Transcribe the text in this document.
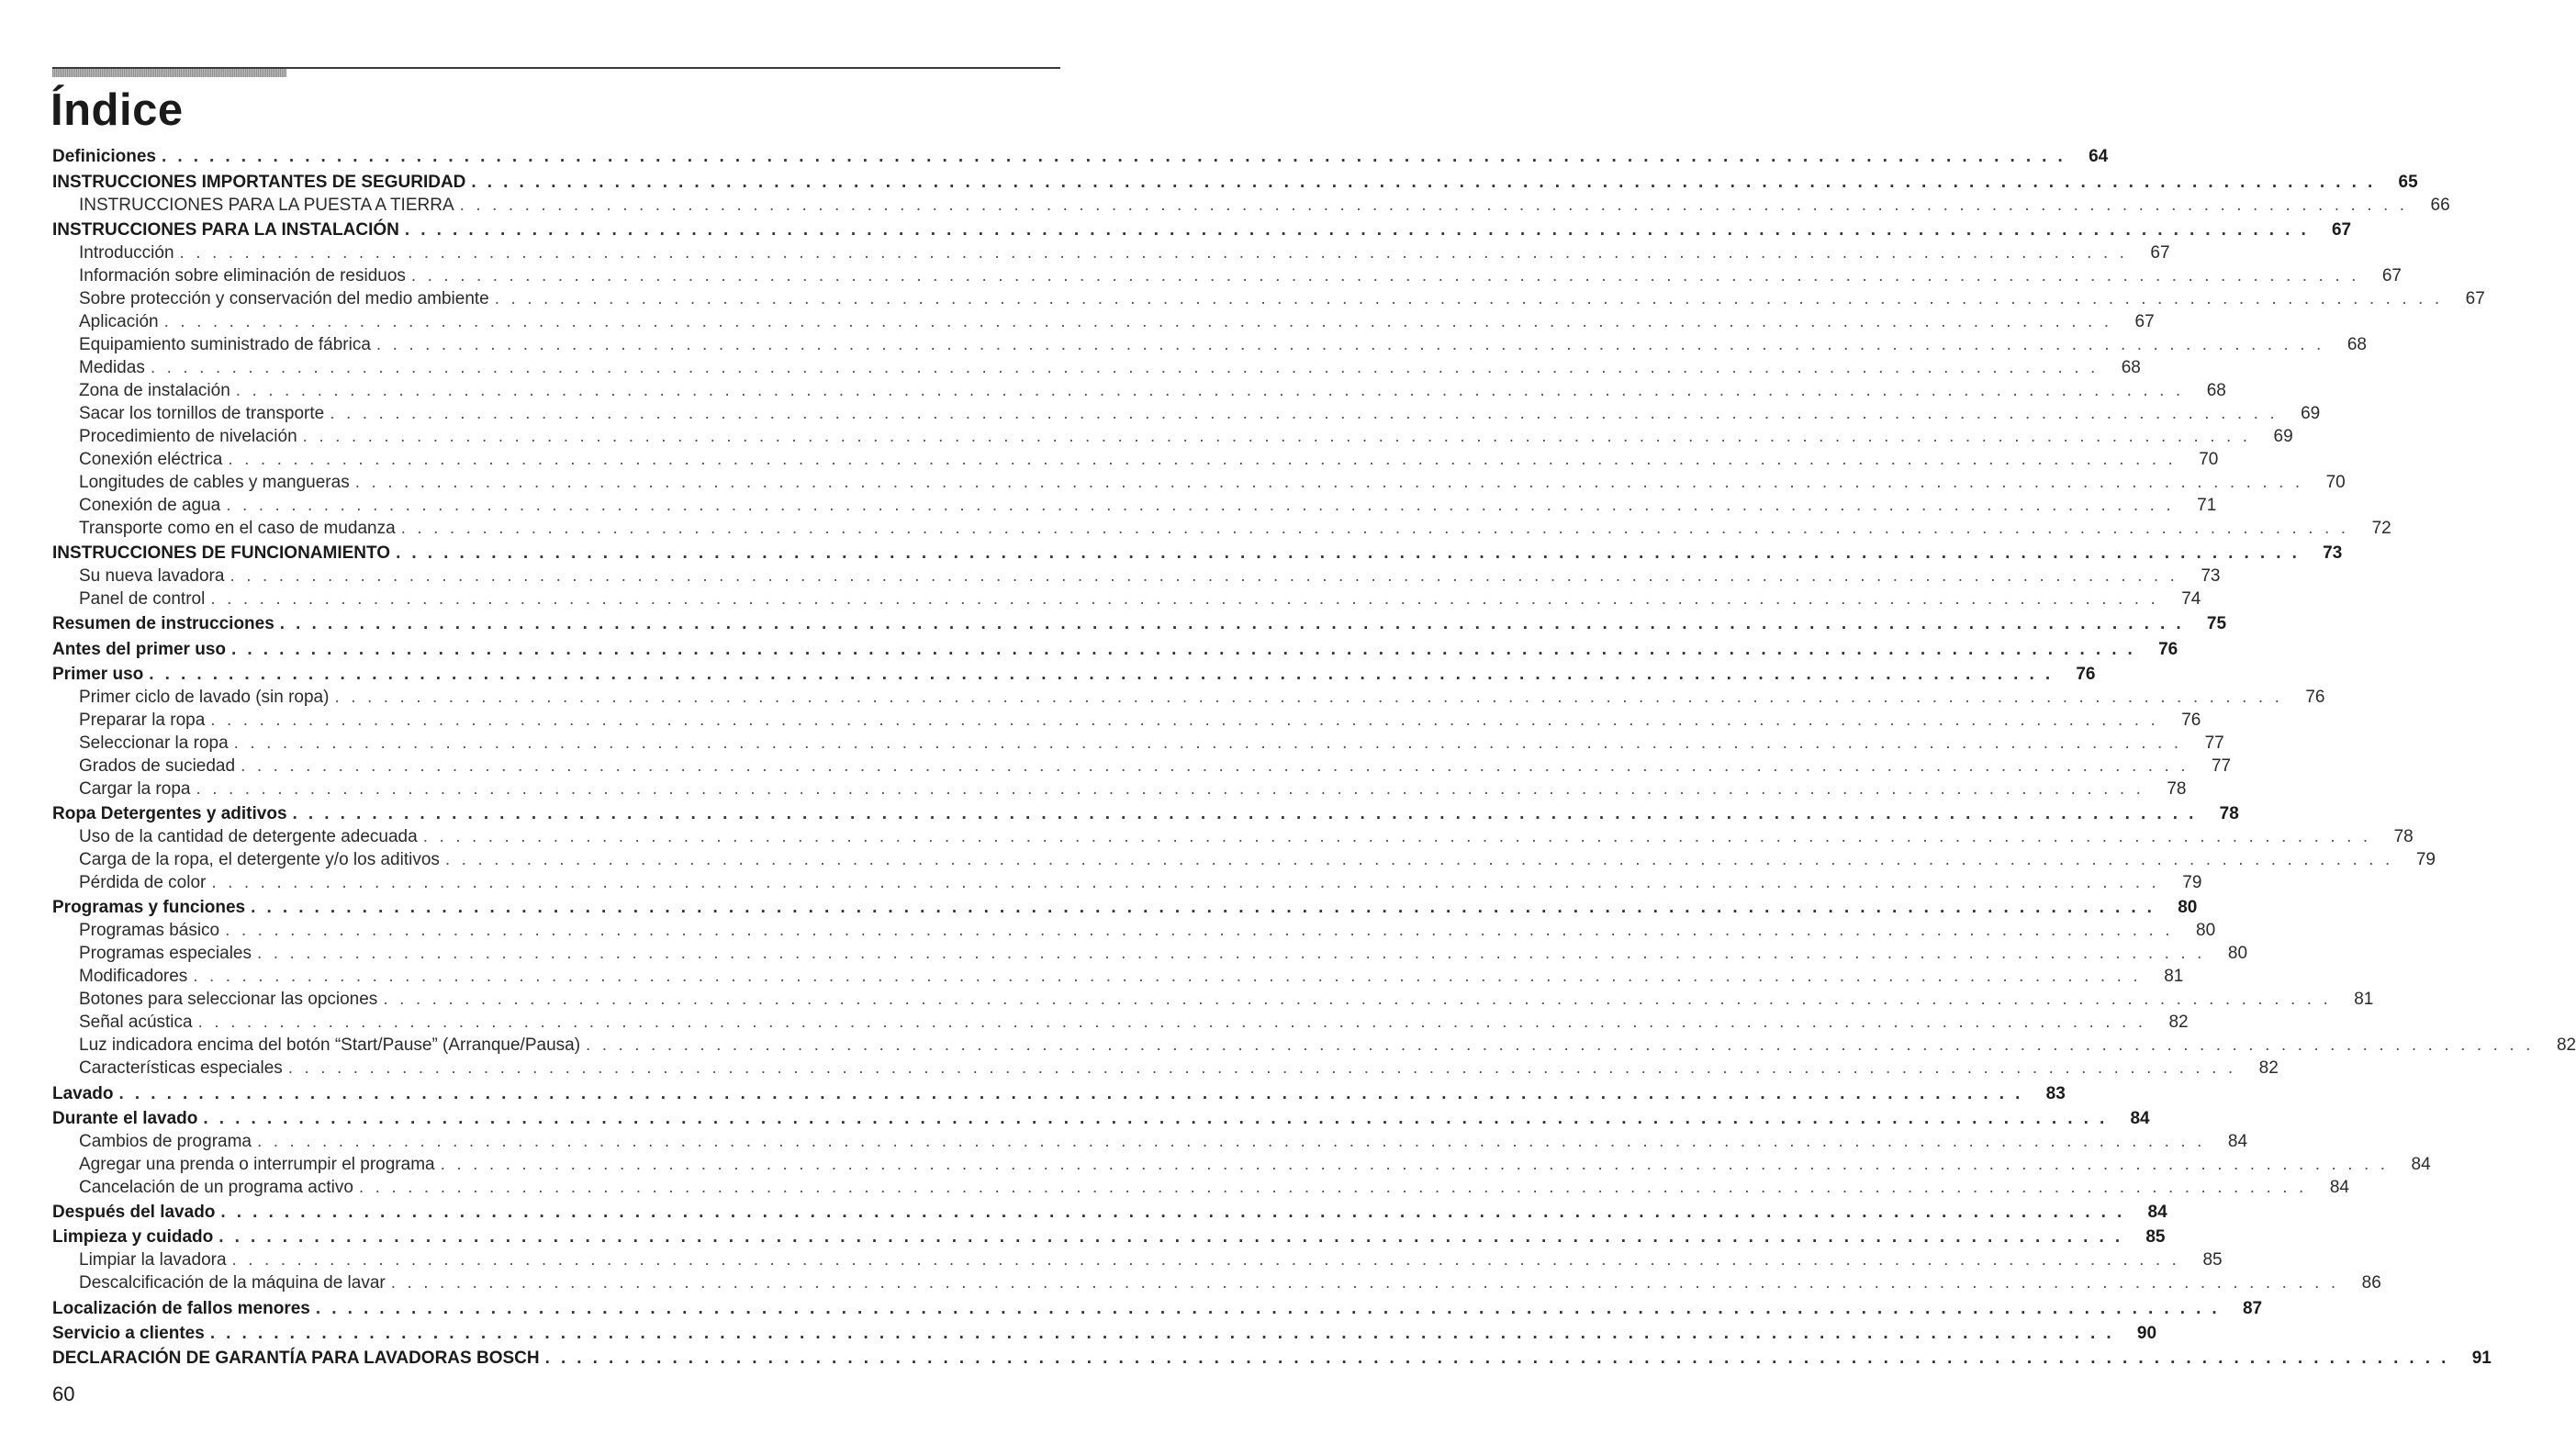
Índice
Definiciones . . . . . . . . . . . . . . . . . . . . . . . . . . . . . . . . . . . . . . . . . . . . . . . . . . . . . . . . . . . . . . . . . . . . . . . . . . . . . . . . . . . . . . . . . . . . . . . . . . . . . . . . . . . . . . . . . . . . . . . .	64
INSTRUCCIONES IMPORTANTES DE SEGURIDAD . . . . . . . . . . . . . . . . . . . . . . . . . . . . . . . . . . . . . . . . . . . . . . . . . . . . . . . . . . . . . . . . . . . . . . . . . . . . . . . . . . . . . . . . . . . . . . . . . . . . . . . . . . . . . . . . . . . . . . . .	65
INSTRUCCIONES PARA LA PUESTA A TIERRA . . . . . . . . . . . . . . . . . . . . . . . . . . . . . . . . . . . . . . . . . . . . . . . . . . . . . . . . . . . . . . . . . . . . . . . . . . . . . . . . . . . . . . . . . . . . . . . . . . . . . . . . . . . . . . . . . . . . . . . .	66
INSTRUCCIONES PARA LA INSTALACIÓN . . . . . . . . . . . . . . . . . . . . . . . . . . . . . . . . . . . . . . . . . . . . . . . . . . . . . . . . . . . . . . . . . . . . . . . . . . . . . . . . . . . . . . . . . . . . . . . . . . . . . . . . . . . . . . . . . . . . . . . .	67
Introducción . . . . . . . . . . . . . . . . . . . . . . . . . . . . . . . . . . . . . . . . . . . . . . . . . . . . . . . . . . . . . . . . . . . . . . . . . . . . . . . . . . . . . . . . . . . . . . . . . . . . . . . . . . . . . . . . . . . . . . . .	67
Información sobre eliminación de residuos . . . . . . . . . . . . . . . . . . . . . . . . . . . . . . . . . . . . . . . . . . . . . . . . . . . . . . . . . . . . . . . . . . . . . . . . . . . . . . . . . . . . . . . . . . . . . . . . . . . . . . . . . . . . . . . . . . . . . . . .	67
Sobre protección y conservación del medio ambiente . . . . . . . . . . . . . . . . . . . . . . . . . . . . . . . . . . . . . . . . . . . . . . . . . . . . . . . . . . . . . . . . . . . . . . . . . . . . . . . . . . . . . . . . . . . . . . . . . . . . . . . . . . . . . . . . . . . . . . . .	67
Aplicación . . . . . . . . . . . . . . . . . . . . . . . . . . . . . . . . . . . . . . . . . . . . . . . . . . . . . . . . . . . . . . . . . . . . . . . . . . . . . . . . . . . . . . . . . . . . . . . . . . . . . . . . . . . . . . . . . . . . . . . .	67
Equipamiento suministrado de fábrica . . . . . . . . . . . . . . . . . . . . . . . . . . . . . . . . . . . . . . . . . . . . . . . . . . . . . . . . . . . . . . . . . . . . . . . . . . . . . . . . . . . . . . . . . . . . . . . . . . . . . . . . . . . . . . . . . . . . . . . .	68
Medidas . . . . . . . . . . . . . . . . . . . . . . . . . . . . . . . . . . . . . . . . . . . . . . . . . . . . . . . . . . . . . . . . . . . . . . . . . . . . . . . . . . . . . . . . . . . . . . . . . . . . . . . . . . . . . . . . . . . . . . . .	68
Zona de instalación . . . . . . . . . . . . . . . . . . . . . . . . . . . . . . . . . . . . . . . . . . . . . . . . . . . . . . . . . . . . . . . . . . . . . . . . . . . . . . . . . . . . . . . . . . . . . . . . . . . . . . . . . . . . . . . . . . . . . . . .	68
Sacar los tornillos de transporte . . . . . . . . . . . . . . . . . . . . . . . . . . . . . . . . . . . . . . . . . . . . . . . . . . . . . . . . . . . . . . . . . . . . . . . . . . . . . . . . . . . . . . . . . . . . . . . . . . . . . . . . . . . . . . . . . . . . . . . .	69
Procedimiento de nivelación . . . . . . . . . . . . . . . . . . . . . . . . . . . . . . . . . . . . . . . . . . . . . . . . . . . . . . . . . . . . . . . . . . . . . . . . . . . . . . . . . . . . . . . . . . . . . . . . . . . . . . . . . . . . . . . . . . . . . . . .	69
Conexión eléctrica . . . . . . . . . . . . . . . . . . . . . . . . . . . . . . . . . . . . . . . . . . . . . . . . . . . . . . . . . . . . . . . . . . . . . . . . . . . . . . . . . . . . . . . . . . . . . . . . . . . . . . . . . . . . . . . . . . . . . . . .	70
Longitudes de cables y mangueras . . . . . . . . . . . . . . . . . . . . . . . . . . . . . . . . . . . . . . . . . . . . . . . . . . . . . . . . . . . . . . . . . . . . . . . . . . . . . . . . . . . . . . . . . . . . . . . . . . . . . . . . . . . . . . . . . . . . . . . .	70
Conexión de agua . . . . . . . . . . . . . . . . . . . . . . . . . . . . . . . . . . . . . . . . . . . . . . . . . . . . . . . . . . . . . . . . . . . . . . . . . . . . . . . . . . . . . . . . . . . . . . . . . . . . . . . . . . . . . . . . . . . . . . . .	71
Transporte como en el caso de mudanza . . . . . . . . . . . . . . . . . . . . . . . . . . . . . . . . . . . . . . . . . . . . . . . . . . . . . . . . . . . . . . . . . . . . . . . . . . . . . . . . . . . . . . . . . . . . . . . . . . . . . . . . . . . . . . . . . . . . . . . .	72
INSTRUCCIONES DE FUNCIONAMIENTO . . . . . . . . . . . . . . . . . . . . . . . . . . . . . . . . . . . . . . . . . . . . . . . . . . . . . . . . . . . . . . . . . . . . . . . . . . . . . . . . . . . . . . . . . . . . . . . . . . . . . . . . . . . . . . . . . . . . . . . .	73
Su nueva lavadora . . . . . . . . . . . . . . . . . . . . . . . . . . . . . . . . . . . . . . . . . . . . . . . . . . . . . . . . . . . . . . . . . . . . . . . . . . . . . . . . . . . . . . . . . . . . . . . . . . . . . . . . . . . . . . . . . . . . . . . .	73
Panel de control . . . . . . . . . . . . . . . . . . . . . . . . . . . . . . . . . . . . . . . . . . . . . . . . . . . . . . . . . . . . . . . . . . . . . . . . . . . . . . . . . . . . . . . . . . . . . . . . . . . . . . . . . . . . . . . . . . . . . . . .	74
Resumen de instrucciones . . . . . . . . . . . . . . . . . . . . . . . . . . . . . . . . . . . . . . . . . . . . . . . . . . . . . . . . . . . . . . . . . . . . . . . . . . . . . . . . . . . . . . . . . . . . . . . . . . . . . . . . . . . . . . . . . . . . . . . .	75
Antes del primer uso . . . . . . . . . . . . . . . . . . . . . . . . . . . . . . . . . . . . . . . . . . . . . . . . . . . . . . . . . . . . . . . . . . . . . . . . . . . . . . . . . . . . . . . . . . . . . . . . . . . . . . . . . . . . . . . . . . . . . . . .	76
Primer uso . . . . . . . . . . . . . . . . . . . . . . . . . . . . . . . . . . . . . . . . . . . . . . . . . . . . . . . . . . . . . . . . . . . . . . . . . . . . . . . . . . . . . . . . . . . . . . . . . . . . . . . . . . . . . . . . . . . . . . . .	76
Primer ciclo de lavado (sin ropa) . . . . . . . . . . . . . . . . . . . . . . . . . . . . . . . . . . . . . . . . . . . . . . . . . . . . . . . . . . . . . . . . . . . . . . . . . . . . . . . . . . . . . . . . . . . . . . . . . . . . . . . . . . . . . . . . . . . . . . . .	76
Preparar la ropa . . . . . . . . . . . . . . . . . . . . . . . . . . . . . . . . . . . . . . . . . . . . . . . . . . . . . . . . . . . . . . . . . . . . . . . . . . . . . . . . . . . . . . . . . . . . . . . . . . . . . . . . . . . . . . . . . . . . . . . .	76
Seleccionar la ropa . . . . . . . . . . . . . . . . . . . . . . . . . . . . . . . . . . . . . . . . . . . . . . . . . . . . . . . . . . . . . . . . . . . . . . . . . . . . . . . . . . . . . . . . . . . . . . . . . . . . . . . . . . . . . . . . . . . . . . . .	77
Grados de suciedad . . . . . . . . . . . . . . . . . . . . . . . . . . . . . . . . . . . . . . . . . . . . . . . . . . . . . . . . . . . . . . . . . . . . . . . . . . . . . . . . . . . . . . . . . . . . . . . . . . . . . . . . . . . . . . . . . . . . . . . .	77
Cargar la ropa . . . . . . . . . . . . . . . . . . . . . . . . . . . . . . . . . . . . . . . . . . . . . . . . . . . . . . . . . . . . . . . . . . . . . . . . . . . . . . . . . . . . . . . . . . . . . . . . . . . . . . . . . . . . . . . . . . . . . . . .	78
Ropa Detergentes y aditivos . . . . . . . . . . . . . . . . . . . . . . . . . . . . . . . . . . . . . . . . . . . . . . . . . . . . . . . . . . . . . . . . . . . . . . . . . . . . . . . . . . . . . . . . . . . . . . . . . . . . . . . . . . . . . . . . . . . . . . . .	78
Uso de la cantidad de detergente adecuada . . . . . . . . . . . . . . . . . . . . . . . . . . . . . . . . . . . . . . . . . . . . . . . . . . . . . . . . . . . . . . . . . . . . . . . . . . . . . . . . . . . . . . . . . . . . . . . . . . . . . . . . . . . . . . . . . . . . . . . .	78
Carga de la ropa, el detergente y/o los aditivos . . . . . . . . . . . . . . . . . . . . . . . . . . . . . . . . . . . . . . . . . . . . . . . . . . . . . . . . . . . . . . . . . . . . . . . . . . . . . . . . . . . . . . . . . . . . . . . . . . . . . . . . . . . . . . . . . . . . . . . .	79
Pérdida de color . . . . . . . . . . . . . . . . . . . . . . . . . . . . . . . . . . . . . . . . . . . . . . . . . . . . . . . . . . . . . . . . . . . . . . . . . . . . . . . . . . . . . . . . . . . . . . . . . . . . . . . . . . . . . . . . . . . . . . . .	79
Programas y funciones . . . . . . . . . . . . . . . . . . . . . . . . . . . . . . . . . . . . . . . . . . . . . . . . . . . . . . . . . . . . . . . . . . . . . . . . . . . . . . . . . . . . . . . . . . . . . . . . . . . . . . . . . . . . . . . . . . . . . . . .	80
Programas básico . . . . . . . . . . . . . . . . . . . . . . . . . . . . . . . . . . . . . . . . . . . . . . . . . . . . . . . . . . . . . . . . . . . . . . . . . . . . . . . . . . . . . . . . . . . . . . . . . . . . . . . . . . . . . . . . . . . . . . . .	80
Programas especiales . . . . . . . . . . . . . . . . . . . . . . . . . . . . . . . . . . . . . . . . . . . . . . . . . . . . . . . . . . . . . . . . . . . . . . . . . . . . . . . . . . . . . . . . . . . . . . . . . . . . . . . . . . . . . . . . . . . . . . . .	80
Modificadores . . . . . . . . . . . . . . . . . . . . . . . . . . . . . . . . . . . . . . . . . . . . . . . . . . . . . . . . . . . . . . . . . . . . . . . . . . . . . . . . . . . . . . . . . . . . . . . . . . . . . . . . . . . . . . . . . . . . . . . .	81
Botones para seleccionar las opciones . . . . . . . . . . . . . . . . . . . . . . . . . . . . . . . . . . . . . . . . . . . . . . . . . . . . . . . . . . . . . . . . . . . . . . . . . . . . . . . . . . . . . . . . . . . . . . . . . . . . . . . . . . . . . . . . . . . . . . . .	81
Señal acústica . . . . . . . . . . . . . . . . . . . . . . . . . . . . . . . . . . . . . . . . . . . . . . . . . . . . . . . . . . . . . . . . . . . . . . . . . . . . . . . . . . . . . . . . . . . . . . . . . . . . . . . . . . . . . . . . . . . . . . . .	82
Luz indicadora encima del botón “Start/Pause” (Arranque/Pausa) . . . . . . . . . . . . . . . . . . . . . . . . . . . . . . . . . . . . . . . . . . . . . . . . . . . . . . . . . . . . . . . . . . . . . . . . . . . . . . . . . . . . . . . . . . . . . . . . . . . . . . . . . . . . . . . . . . . . . . . .	82
Características especiales . . . . . . . . . . . . . . . . . . . . . . . . . . . . . . . . . . . . . . . . . . . . . . . . . . . . . . . . . . . . . . . . . . . . . . . . . . . . . . . . . . . . . . . . . . . . . . . . . . . . . . . . . . . . . . . . . . . . . . . .	82
Lavado . . . . . . . . . . . . . . . . . . . . . . . . . . . . . . . . . . . . . . . . . . . . . . . . . . . . . . . . . . . . . . . . . . . . . . . . . . . . . . . . . . . . . . . . . . . . . . . . . . . . . . . . . . . . . . . . . . . . . . . .	83
Durante el lavado . . . . . . . . . . . . . . . . . . . . . . . . . . . . . . . . . . . . . . . . . . . . . . . . . . . . . . . . . . . . . . . . . . . . . . . . . . . . . . . . . . . . . . . . . . . . . . . . . . . . . . . . . . . . . . . . . . . . . . . .	84
Cambios de programa . . . . . . . . . . . . . . . . . . . . . . . . . . . . . . . . . . . . . . . . . . . . . . . . . . . . . . . . . . . . . . . . . . . . . . . . . . . . . . . . . . . . . . . . . . . . . . . . . . . . . . . . . . . . . . . . . . . . . . . .	84
Agregar una prenda o interrumpir el programa . . . . . . . . . . . . . . . . . . . . . . . . . . . . . . . . . . . . . . . . . . . . . . . . . . . . . . . . . . . . . . . . . . . . . . . . . . . . . . . . . . . . . . . . . . . . . . . . . . . . . . . . . . . . . . . . . . . . . . . .	84
Cancelación de un programa activo . . . . . . . . . . . . . . . . . . . . . . . . . . . . . . . . . . . . . . . . . . . . . . . . . . . . . . . . . . . . . . . . . . . . . . . . . . . . . . . . . . . . . . . . . . . . . . . . . . . . . . . . . . . . . . . . . . . . . . . .	84
Después del lavado . . . . . . . . . . . . . . . . . . . . . . . . . . . . . . . . . . . . . . . . . . . . . . . . . . . . . . . . . . . . . . . . . . . . . . . . . . . . . . . . . . . . . . . . . . . . . . . . . . . . . . . . . . . . . . . . . . . . . . . .	84
Limpieza y cuidado . . . . . . . . . . . . . . . . . . . . . . . . . . . . . . . . . . . . . . . . . . . . . . . . . . . . . . . . . . . . . . . . . . . . . . . . . . . . . . . . . . . . . . . . . . . . . . . . . . . . . . . . . . . . . . . . . . . . . . . .	85
Limpiar la lavadora . . . . . . . . . . . . . . . . . . . . . . . . . . . . . . . . . . . . . . . . . . . . . . . . . . . . . . . . . . . . . . . . . . . . . . . . . . . . . . . . . . . . . . . . . . . . . . . . . . . . . . . . . . . . . . . . . . . . . . . .	85
Descalcificación de la máquina de lavar . . . . . . . . . . . . . . . . . . . . . . . . . . . . . . . . . . . . . . . . . . . . . . . . . . . . . . . . . . . . . . . . . . . . . . . . . . . . . . . . . . . . . . . . . . . . . . . . . . . . . . . . . . . . . . . . . . . . . . . .	86
Localización de fallos menores . . . . . . . . . . . . . . . . . . . . . . . . . . . . . . . . . . . . . . . . . . . . . . . . . . . . . . . . . . . . . . . . . . . . . . . . . . . . . . . . . . . . . . . . . . . . . . . . . . . . . . . . . . . . . . . . . . . . . . . .	87
Servicio a clientes . . . . . . . . . . . . . . . . . . . . . . . . . . . . . . . . . . . . . . . . . . . . . . . . . . . . . . . . . . . . . . . . . . . . . . . . . . . . . . . . . . . . . . . . . . . . . . . . . . . . . . . . . . . . . . . . . . . . . . . .	90
DECLARACIÓN DE GARANTÍA PARA LAVADORAS BOSCH . . . . . . . . . . . . . . . . . . . . . . . . . . . . . . . . . . . . . . . . . . . . . . . . . . . . . . . . . . . . . . . . . . . . . . . . . . . . . . . . . . . . . . . . . . . . . . . . . . . . . . . . . . . . . . . . . . . . . . . .	91
60
